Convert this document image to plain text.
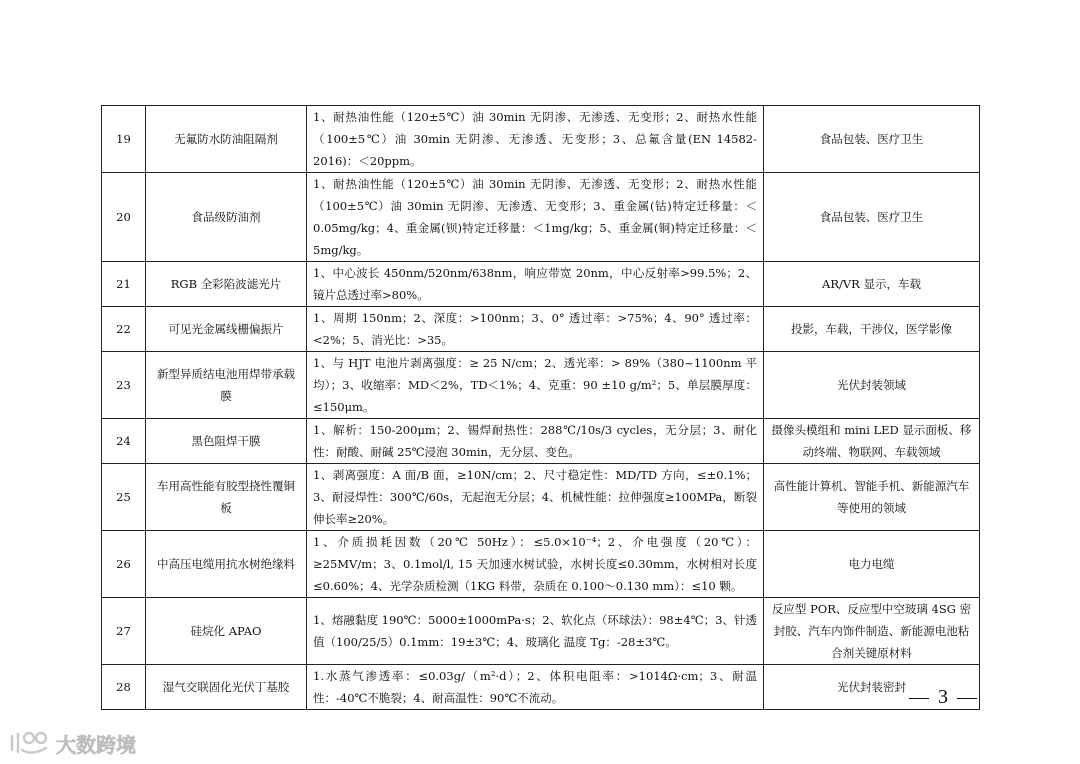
19	无氟防水防油阻隔剂	1、耐热油性能（120±5℃）油 30min 无阴渗、无渗透、无变形；2、耐热水性能（100±5℃）油 30min 无阴渗、无渗透、无变形；3、总氟含量(EN 14582-2016)：＜20ppm。	食品包装、医疗卫生
20	食品级防油剂	1、耐热油性能（120±5℃）油 30min 无阴渗、无渗透、无变形；2、耐热水性能（100±5℃）油 30min 无阴渗、无渗透、无变形；3、重金属(钴)特定迁移量：＜0.05mg/kg；4、重金属(钡)特定迁移量：＜1mg/kg；5、重金属(铜)特定迁移量：＜5mg/kg。	食品包装、医疗卫生
21	RGB 全彩陷波滤光片	1、中心波长 450nm/520nm/638nm，响应带宽 20nm，中心反射率>99.5%；2、镜片总透过率>80%。	AR/VR 显示，车载
22	可见光金属线栅偏振片	1、周期 150nm；2、深度：>100nm；3、0° 透过率：>75%；4、90° 透过率：<2%；5、消光比：>35。	投影，车载，干涉仪，医学影像
23	新型异质结电池用焊带承载膜	1、与 HJT 电池片剥离强度：≥ 25 N/cm；2、透光率：> 89%（380~1100nm 平均）；3、收缩率：MD＜2%，TD＜1%；4、克重：90 ±10 g/m²；5、单层膜厚度：≤150μm。	光伏封装领域
24	黑色阻焊干膜	1、解析：150-200μm；2、锡焊耐热性：288℃/10s/3 cycles，无分层；3、耐化性：耐酸、耐碱 25℃浸泡 30min，无分层、变色。	摄像头模组和 mini LED 显示面板、移动终端、物联网、车载领域
25	车用高性能有胶型挠性覆铜板	1、剥离强度：A 面/B 面，≥10N/cm；2、尺寸稳定性：MD/TD 方向，≤±0.1%；3、耐浸焊性：300℃/60s，无起泡无分层；4、机械性能：拉伸强度≥100MPa，断裂伸长率≥20%。	高性能计算机、智能手机、新能源汽车等使用的领域
26	中高压电缆用抗水树绝缘料	1、介质损耗因数（20℃ 50Hz）：≤5.0×10⁻⁴；2、介电强度（20℃）：≥25MV/m；3、0.1mol/l, 15 天加速水树试验，水树长度≤0.30mm，水树相对长度≤0.60%；4、光学杂质检测（1KG 料带，杂质在 0.100～0.130 mm）：≤10 颗。	电力电缆
27	硅烷化 APAO	1、熔融黏度 190℃：5000±1000mPa·s；2、软化点（环球法）：98±4℃；3、针透值（100/25/5）0.1mm：19±3℃；4、玻璃化 温度 Tg：-28±3℃。	反应型 POR、反应型中空玻璃 4SG 密封胶、汽车内饰件制造、新能源电池粘合剂关键原材料
28	湿气交联固化光伏丁基胶	1.水蒸气渗透率：≤0.03g/（m²·d）；2、体积电阻率：>1014Ω·cm；3、耐温性：-40℃不脆裂；4、耐高温性：90℃不流动。	光伏封装密封 — 3 —
大数跨境
